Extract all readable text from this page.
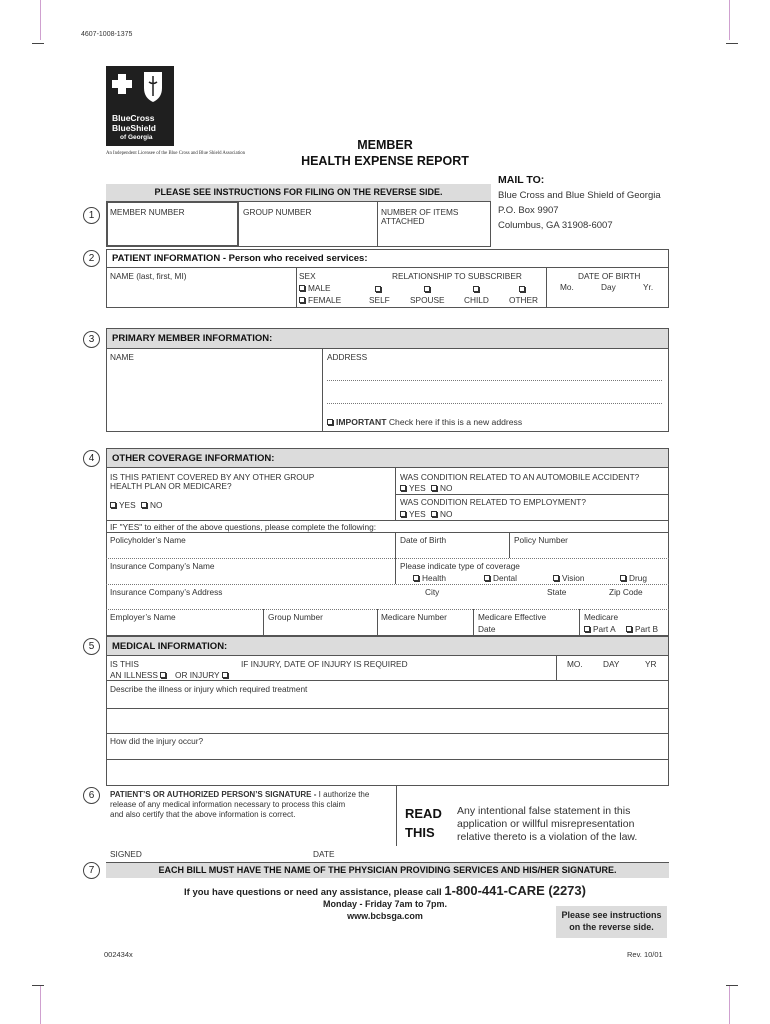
4607-1008-1375
BlueCross
BlueShield
of Georgia
An Independent Licensee of the Blue Cross and Blue Shield Association
MEMBER
HEALTH EXPENSE REPORT
MAIL TO:
Blue Cross and Blue Shield of Georgia
P.O. Box 9907
Columbus, GA 31908-6007
PLEASE SEE INSTRUCTIONS FOR FILING ON THE REVERSE SIDE.
1	MEMBER NUMBER	GROUP NUMBER	NUMBER OF ITEMS
ATTACHED
2	PATIENT INFORMATION - Person who received services:
NAME (last, first, MI)	SEX
MALE
FEMALE
RELATIONSHIP TO SUBSCRIBER
SELF SPOUSE CHILD OTHER
DATE OF BIRTH
Mo.	Day	Yr.
3	PRIMARY MEMBER INFORMATION:
NAME	ADDRESS
IMPORTANT Check here if this is a new address
4	OTHER COVERAGE INFORMATION:
IS THIS PATIENT COVERED BY ANY OTHER GROUP
HEALTH PLAN OR MEDICARE?
YES	NO
WAS CONDITION RELATED TO AN AUTOMOBILE ACCIDENT?
YES	NO
WAS CONDITION RELATED TO EMPLOYMENT?
YES	NO
IF "YES" to either of the above questions, please complete the following:
Policyholder’s Name	Date of Birth	Policy Number
Insurance Company’s Name	Please indicate type of coverage
Health	Dental	Vision	Drug
Insurance Company’s Address	City	State	Zip Code
Employer’s Name	Group Number	Medicare Number	Medicare Effective
Date
Medicare
Part A	Part B
5	MEDICAL INFORMATION:
IS THIS
AN ILLNESS	OR INJURY
IF INJURY, DATE OF INJURY IS REQUIRED	MO. DAY	YR
Describe the illness or injury which required treatment
How did the injury occur?
6	PATIENT’S OR AUTHORIZED PERSON’S SIGNATURE - I authorize the
release of any medical information necessary to process this claim
and also certify that the above information is correct.	READ
THIS
Any intentional false statement in this
application or willful misrepresentation
relative thereto is a violation of the law.
SIGNED	DATE
7	EACH BILL MUST HAVE THE NAME OF THE PHYSICIAN PROVIDING SERVICES AND HIS/HER SIGNATURE.
If you have questions or need any assistance, please call 1-800-441-CARE (2273)
Monday - Friday 7am to 7pm.
www.bcbsga.com	Please see instructions
on the reverse side.
002434x	Rev. 10/01
